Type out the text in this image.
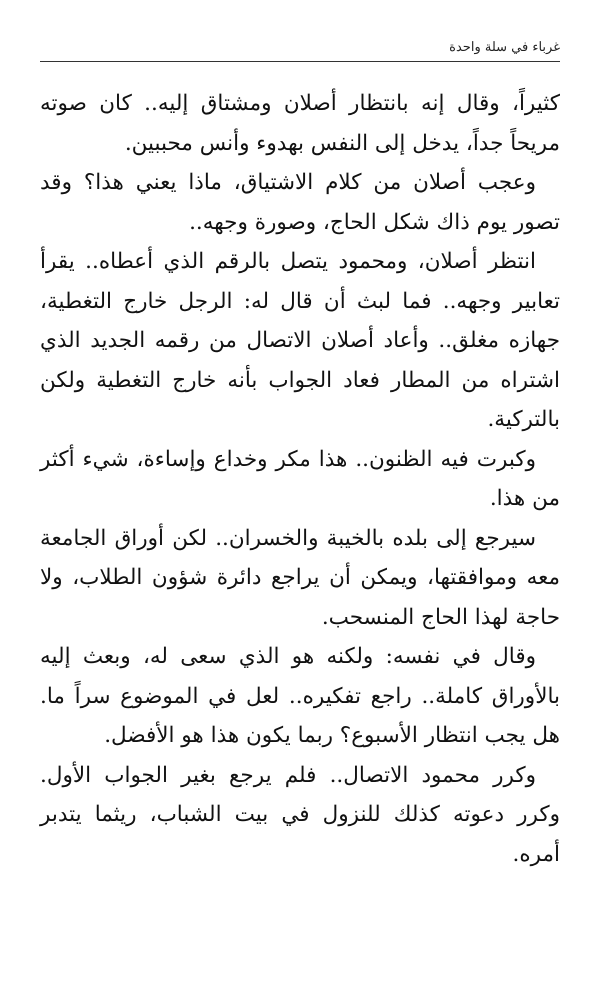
غرباء في سلة واحدة

كثيراً، وقال إنه بانتظار أصلان ومشتاق إليه.. كان صوته مريحاً جداً، يدخل إلى النفس بهدوء وأنس محببين.

وعجب أصلان من كلام الاشتياق، ماذا يعني هذا؟ وقد تصور يوم ذاك شكل الحاج، وصورة وجهه..

انتظر أصلان، ومحمود يتصل بالرقم الذي أعطاه.. يقرأ تعابير وجهه.. فما لبث أن قال له: الرجل خارج التغطية، جهازه مغلق.. وأعاد أصلان الاتصال من رقمه الجديد الذي اشتراه من المطار فعاد الجواب بأنه خارج التغطية ولكن بالتركية.

وكبرت فيه الظنون.. هذا مكر وخداع وإساءة، شيء أكثر من هذا.

سيرجع إلى بلده بالخيبة والخسران.. لكن أوراق الجامعة معه وموافقتها، ويمكن أن يراجع دائرة شؤون الطلاب، ولا حاجة لهذا الحاج المنسحب.

وقال في نفسه: ولكنه هو الذي سعى له، وبعث إليه بالأوراق كاملة.. راجع تفكيره.. لعل في الموضوع سراً ما. هل يجب انتظار الأسبوع؟ ربما يكون هذا هو الأفضل.

وكرر محمود الاتصال.. فلم يرجع بغير الجواب الأول. وكرر دعوته كذلك للنزول في بيت الشباب، ريثما يتدبر أمره.
